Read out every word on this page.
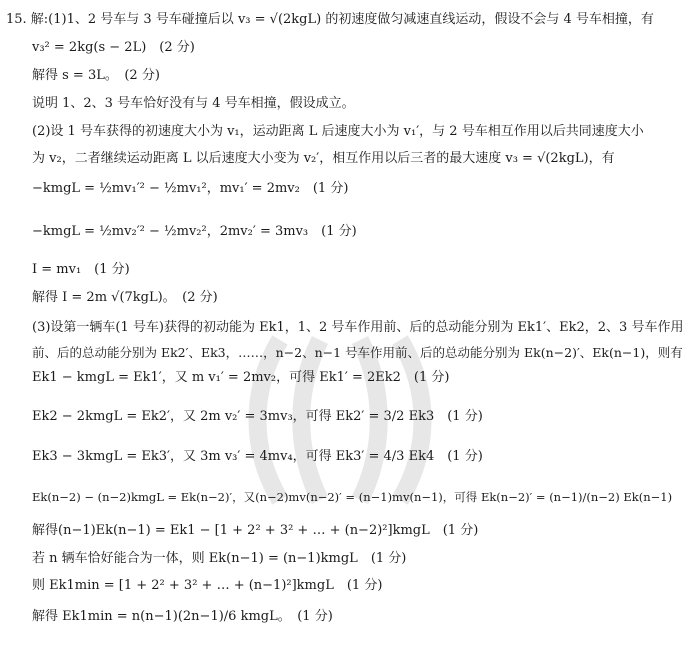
15. 解:(1)1、2 号车与 3 号车碰撞后以 v₃ = √(2kgL) 的初速度做匀减速直线运动，假设不会与 4 号车相撞，有
v₃² = 2kg(s − 2L)　(2 分)
解得 s = 3L。　(2 分)
说明 1、2、3 号车恰好没有与 4 号车相撞，假设成立。
(2)设 1 号车获得的初速度大小为 v₁，运动距离 L 后速度大小为 v₁′，与 2 号车相互作用以后共同速度大小
为 v₂，二者继续运动距离 L 以后速度大小变为 v₂′，相互作用以后三者的最大速度 v₃ = √(2kgL)，有
−kmgL = ½mv₁′² − ½mv₁²，mv₁′ = 2mv₂　(1 分)
−kmgL = ½mv₂′² − ½mv₂²，2mv₂′ = 3mv₃　(1 分)
I = mv₁　(1 分)
解得 I = 2m √(7kgL)。　(2 分)
(3)设第一辆车(1 号车)获得的初动能为 Ek1，1、2 号车作用前、后的总动能分别为 Ek1′、Ek2，2、3 号车作用
前、后的总动能分别为 Ek2′、Ek3，……，n−2、n−1 号车作用前、后的总动能分别为 Ek(n−2)′、Ek(n−1)，则有
Ek1 − kmgL = Ek1′，又 m v₁′ = 2mv₂，可得 Ek1′ = 2Ek2　(1 分)
Ek2 − 2kmgL = Ek2′，又 2m v₂′ = 3mv₃，可得 Ek2′ = 3/2 Ek3　(1 分)
Ek3 − 3kmgL = Ek3′，又 3m v₃′ = 4mv₄，可得 Ek3′ = 4/3 Ek4　(1 分)
Ek(n−2) − (n−2)kmgL = Ek(n−2)′，又(n−2)mv(n−2)′ = (n−1)mv(n−1)，可得 Ek(n−2)′ = (n−1)/(n−2) Ek(n−1)
解得(n−1)Ek(n−1) = Ek1 − [1 + 2² + 3² + … + (n−2)²]kmgL　(1 分)
若 n 辆车恰好能合为一体，则 Ek(n−1) = (n−1)kmgL　(1 分)
则 Ek1min = [1 + 2² + 3² + … + (n−1)²]kmgL　(1 分)
解得 Ek1min = n(n−1)(2n−1)/6 kmgL。　(1 分)
